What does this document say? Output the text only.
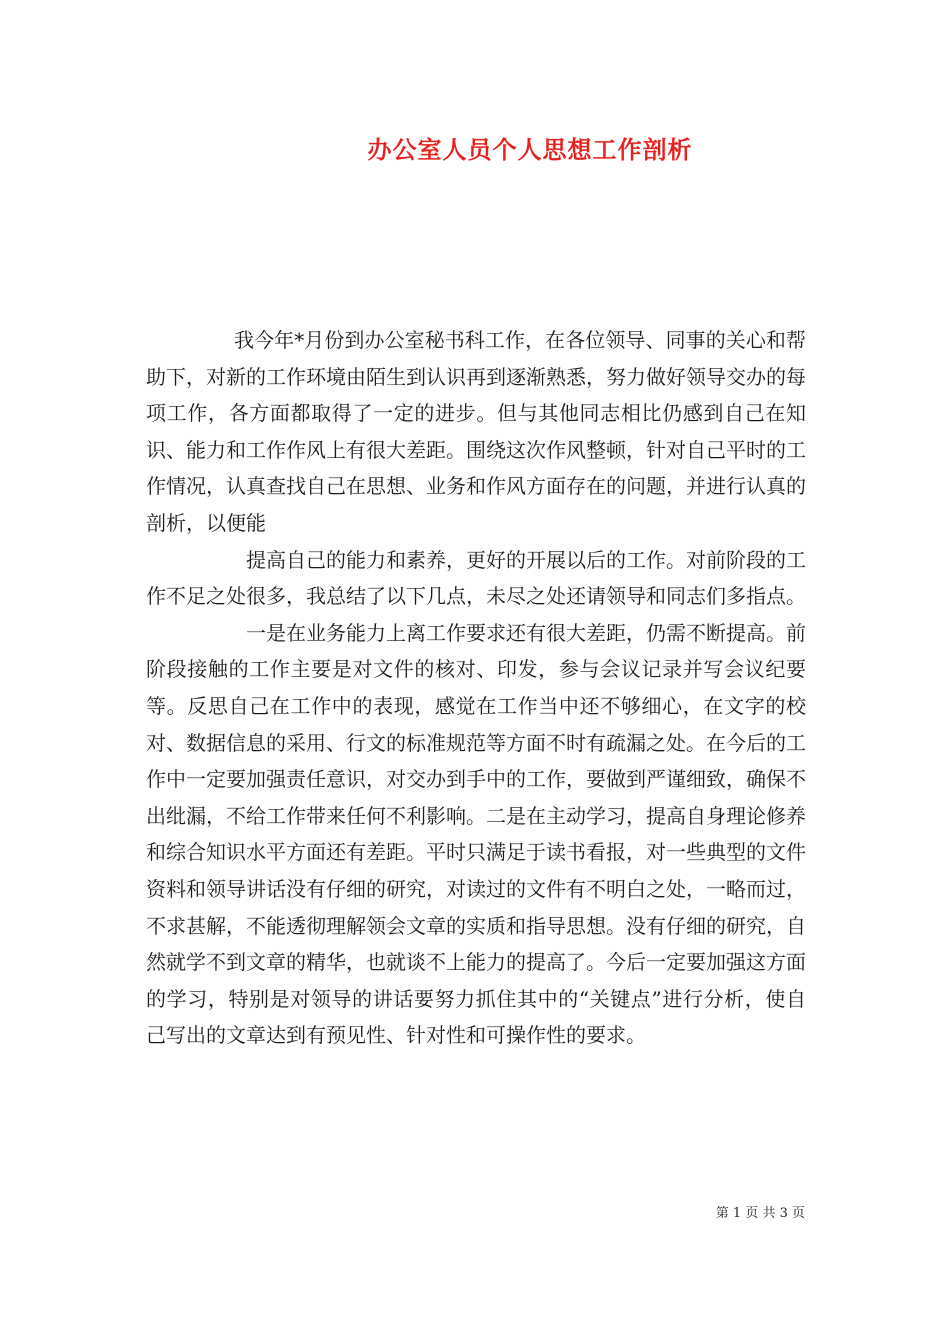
办公室人员个人思想工作剖析

我今年*月份到办公室秘书科工作，在各位领导、同事的关心和帮助下，对新的工作环境由陌生到认识再到逐渐熟悉，努力做好领导交办的每项工作，各方面都取得了一定的进步。但与其他同志相比仍感到自己在知识、能力和工作作风上有很大差距。围绕这次作风整顿，针对自己平时的工作情况，认真查找自己在思想、业务和作风方面存在的问题，并进行认真的剖析，以便能

提高自己的能力和素养，更好的开展以后的工作。对前阶段的工作不足之处很多，我总结了以下几点，未尽之处还请领导和同志们多指点。

一是在业务能力上离工作要求还有很大差距，仍需不断提高。前阶段接触的工作主要是对文件的核对、印发，参与会议记录并写会议纪要等。反思自己在工作中的表现，感觉在工作当中还不够细心，在文字的校对、数据信息的采用、行文的标准规范等方面不时有疏漏之处。在今后的工作中一定要加强责任意识，对交办到手中的工作，要做到严谨细致，确保不出纰漏，不给工作带来任何不利影响。二是在主动学习，提高自身理论修养和综合知识水平方面还有差距。平时只满足于读书看报，对一些典型的文件资料和领导讲话没有仔细的研究，对读过的文件有不明白之处，一略而过，不求甚解，不能透彻理解领会文章的实质和指导思想。没有仔细的研究，自然就学不到文章的精华，也就谈不上能力的提高了。今后一定要加强这方面的学习，特别是对领导的讲话要努力抓住其中的“关键点”进行分析，使自己写出的文章达到有预见性、针对性和可操作性的要求。

第 1 页 共 3 页
